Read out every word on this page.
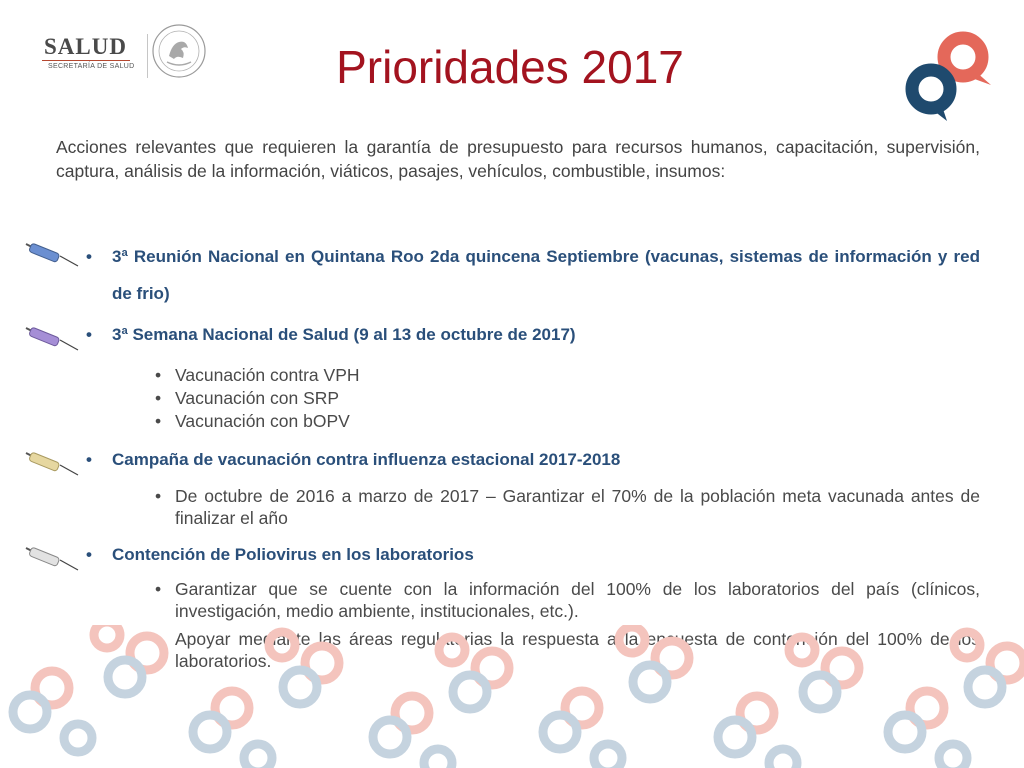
SALUD
SECRETARÍA DE SALUD	Prioridades 2017
Acciones relevantes que requieren la garantía de presupuesto para recursos humanos, capacitación, supervisión, captura, análisis de la información, viáticos, pasajes, vehículos, combustible, insumos:
• 3ª Reunión Nacional en Quintana Roo 2da quincena Septiembre (vacunas, sistemas de información y red de frio)
• 3ª Semana Nacional de Salud (9 al 13 de octubre de 2017)
• Campaña de vacunación contra influenza estacional 2017-2018
• Contención de Poliovirus en los laboratorios
• Vacunación contra VPH
• Vacunación con SRP
• Vacunación con bOPV
• De octubre de 2016 a marzo de 2017 – Garantizar el 70% de la población meta vacunada antes de finalizar el año
• Garantizar que se cuente con la información del 100% de los laboratorios del país (clínicos, investigación, medio ambiente, institucionales, etc.).
• Apoyar mediante las áreas regulatorias la respuesta a la encuesta de contención del 100% de los laboratorios.
